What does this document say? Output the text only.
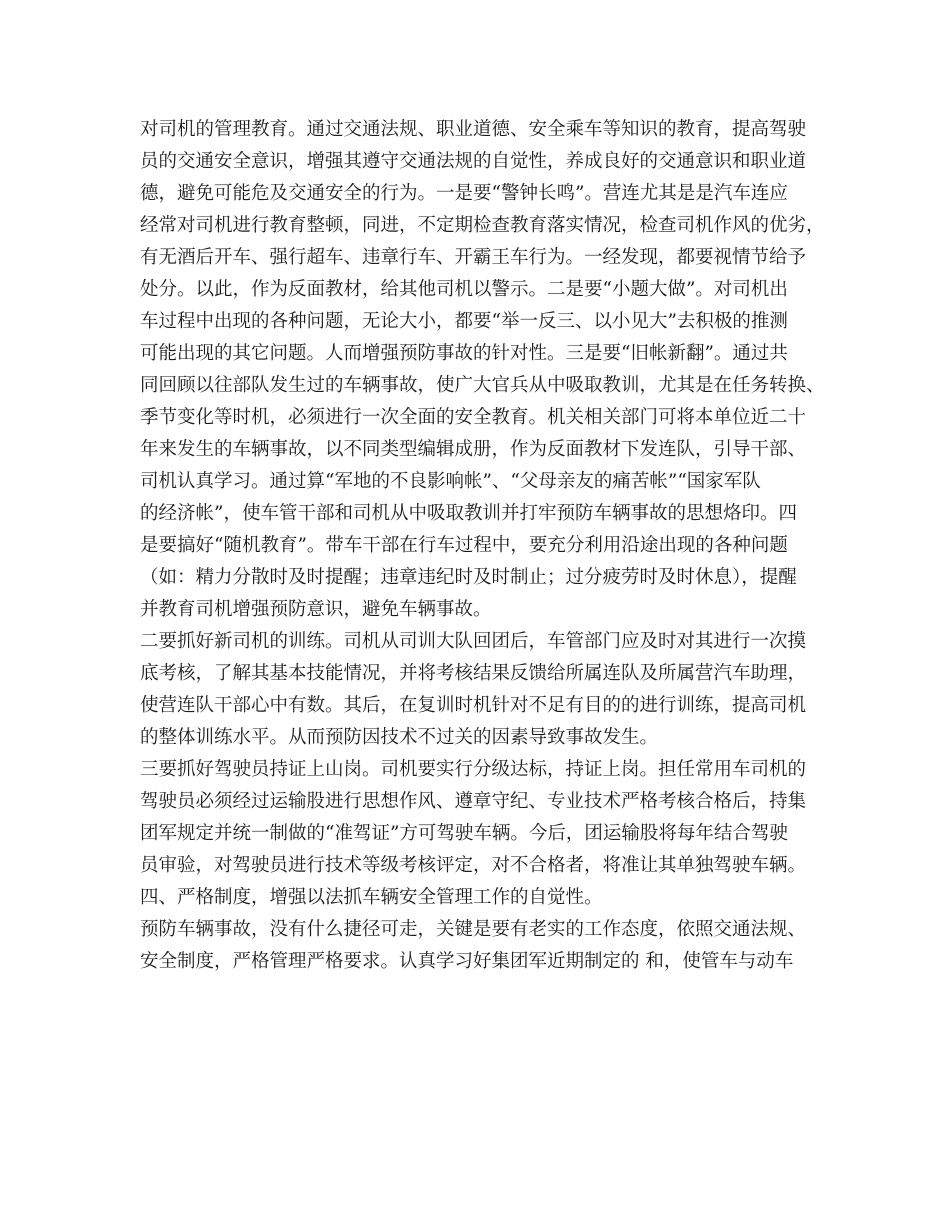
对司机的管理教育。通过交通法规、职业道德、安全乘车等知识的教育，提高驾驶
员的交通安全意识，增强其遵守交通法规的自觉性，养成良好的交通意识和职业道
德，避免可能危及交通安全的行为。一是要“警钟长鸣”。营连尤其是是汽车连应
经常对司机进行教育整顿，同进，不定期检查教育落实情况，检查司机作风的优劣，
有无酒后开车、强行超车、违章行车、开霸王车行为。一经发现，都要视情节给予
处分。以此，作为反面教材，给其他司机以警示。二是要“小题大做”。对司机出
车过程中出现的各种问题，无论大小，都要“举一反三、以小见大”去积极的推测
可能出现的其它问题。人而增强预防事故的针对性。三是要“旧帐新翻”。通过共
同回顾以往部队发生过的车辆事故，使广大官兵从中吸取教训，尤其是在任务转换、
季节变化等时机，必须进行一次全面的安全教育。机关相关部门可将本单位近二十
年来发生的车辆事故，以不同类型编辑成册，作为反面教材下发连队，引导干部、
司机认真学习。通过算“军地的不良影响帐”、“父母亲友的痛苦帐”“国家军队
的经济帐”，使车管干部和司机从中吸取教训并打牢预防车辆事故的思想烙印。四
是要搞好“随机教育”。带车干部在行车过程中，要充分利用沿途出现的各种问题
（如：精力分散时及时提醒；违章违纪时及时制止；过分疲劳时及时休息），提醒
并教育司机增强预防意识，避免车辆事故。
二要抓好新司机的训练。司机从司训大队回团后，车管部门应及时对其进行一次摸
底考核，了解其基本技能情况，并将考核结果反馈给所属连队及所属营汽车助理，
使营连队干部心中有数。其后，在复训时机针对不足有目的的进行训练，提高司机
的整体训练水平。从而预防因技术不过关的因素导致事故发生。
三要抓好驾驶员持证上山岗。司机要实行分级达标，持证上岗。担任常用车司机的
驾驶员必须经过运输股进行思想作风、遵章守纪、专业技术严格考核合格后，持集
团军规定并统一制做的“准驾证”方可驾驶车辆。今后，团运输股将每年结合驾驶
员审验，对驾驶员进行技术等级考核评定，对不合格者，将准让其单独驾驶车辆。
四、严格制度，增强以法抓车辆安全管理工作的自觉性。
预防车辆事故，没有什么捷径可走，关键是要有老实的工作态度，依照交通法规、
安全制度，严格管理严格要求。认真学习好集团军近期制定的 和，使管车与动车
